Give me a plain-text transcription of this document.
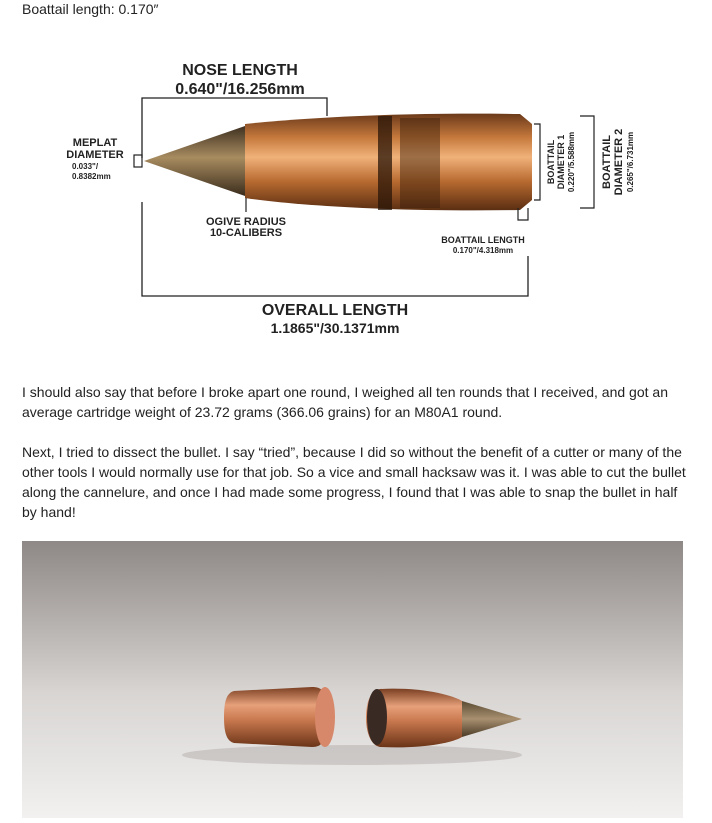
Boattail length: 0.170″
NOSE LENGTH
0.640"/16.256mm
MEPLAT
DIAMETER
0.033"/
0.8382mm
OGIVE RADIUS
10-CALIBERS
BOATTAIL LENGTH
0.170"/4.318mm
BOATTAIL DIAMETER 1 0.220"/5.588mm BOATTAIL DIAMETER 2 0.265"/6.731mm
OVERALL LENGTH
1.1865"/30.1371mm

I should also say that before I broke apart one round, I weighed all ten rounds that I received, and got an average cartridge weight of 23.72 grams (366.06 grains) for an M80A1 round.

Next, I tried to dissect the bullet. I say “tried”, because I did so without the benefit of a cutter or many of the other tools I would normally use for that job. So a vice and small hacksaw was it. I was able to cut the bullet along the cannelure, and once I had made some progress, I found that I was able to snap the bullet in half by hand!
